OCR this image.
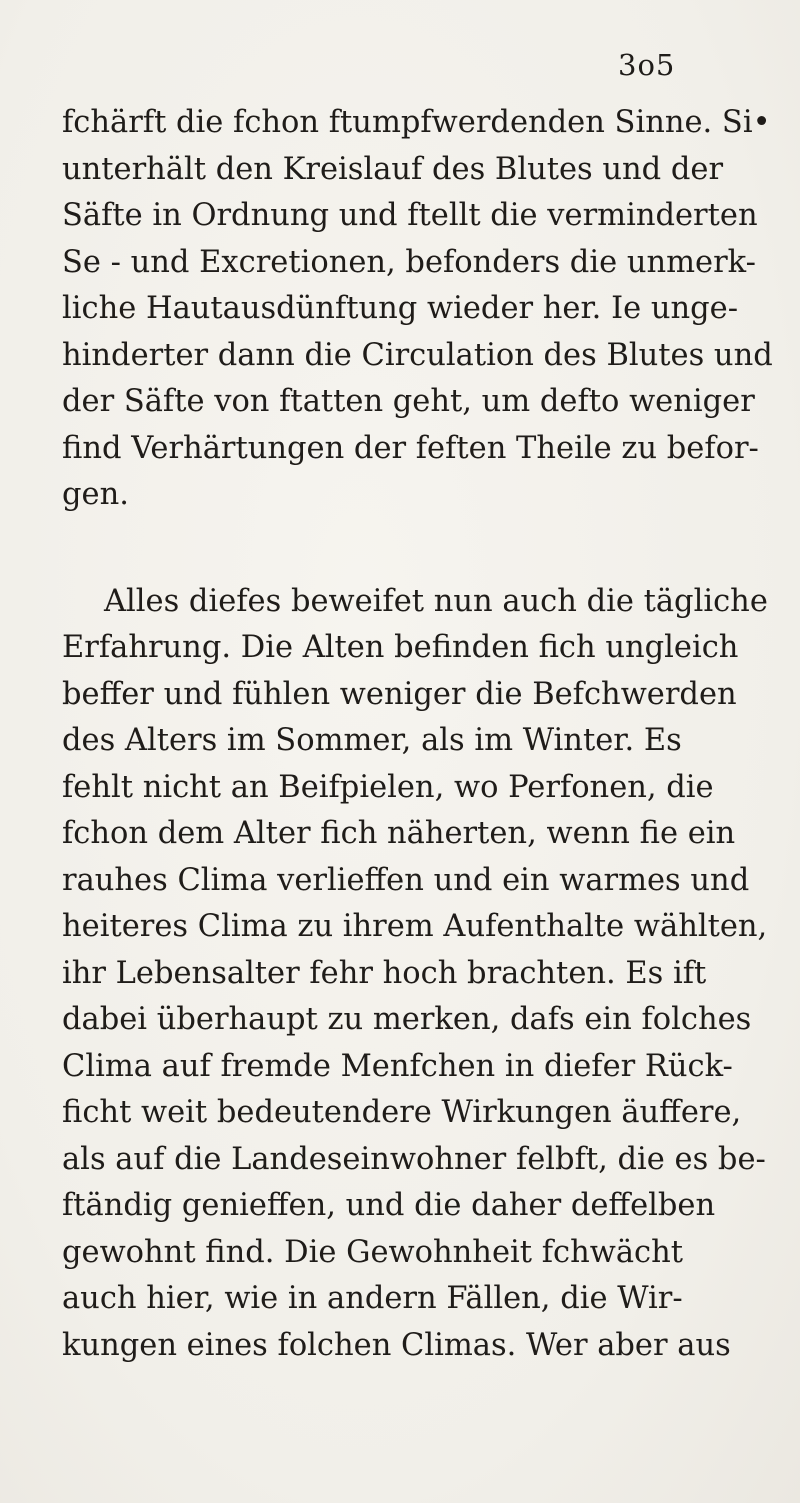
3o5
fchärft die fchon ftumpfwerdenden Sinne. Si•
unterhält den Kreislauf des Blutes und der
Säfte in Ordnung und ftellt die verminderten
Se - und Excretionen, befonders die unmerk-
liche Hautausdünftung wieder her. Ie unge-
hinderter dann die Circulation des Blutes und
der Säfte von ftatten geht, um defto weniger
find Verhärtungen der feften Theile zu befor-
gen.
Alles diefes beweifet nun auch die tägliche
Erfahrung. Die Alten befinden fich ungleich
beffer und fühlen weniger die Befchwerden
des Alters im Sommer, als im Winter. Es
fehlt nicht an Beifpielen, wo Perfonen, die
fchon dem Alter fich näherten, wenn fie ein
rauhes Clima verlieffen und ein warmes und
heiteres Clima zu ihrem Aufenthalte wählten,
ihr Lebensalter fehr hoch brachten. Es ift
dabei überhaupt zu merken, dafs ein folches
Clima auf fremde Menfchen in diefer Rück-
ficht weit bedeutendere Wirkungen äuffere,
als auf die Landeseinwohner felbft, die es be-
ftändig genieffen, und die daher deffelben
gewohnt find. Die Gewohnheit fchwächt
auch hier, wie in andern Fällen, die Wir-
kungen eines folchen Climas. Wer aber aus
